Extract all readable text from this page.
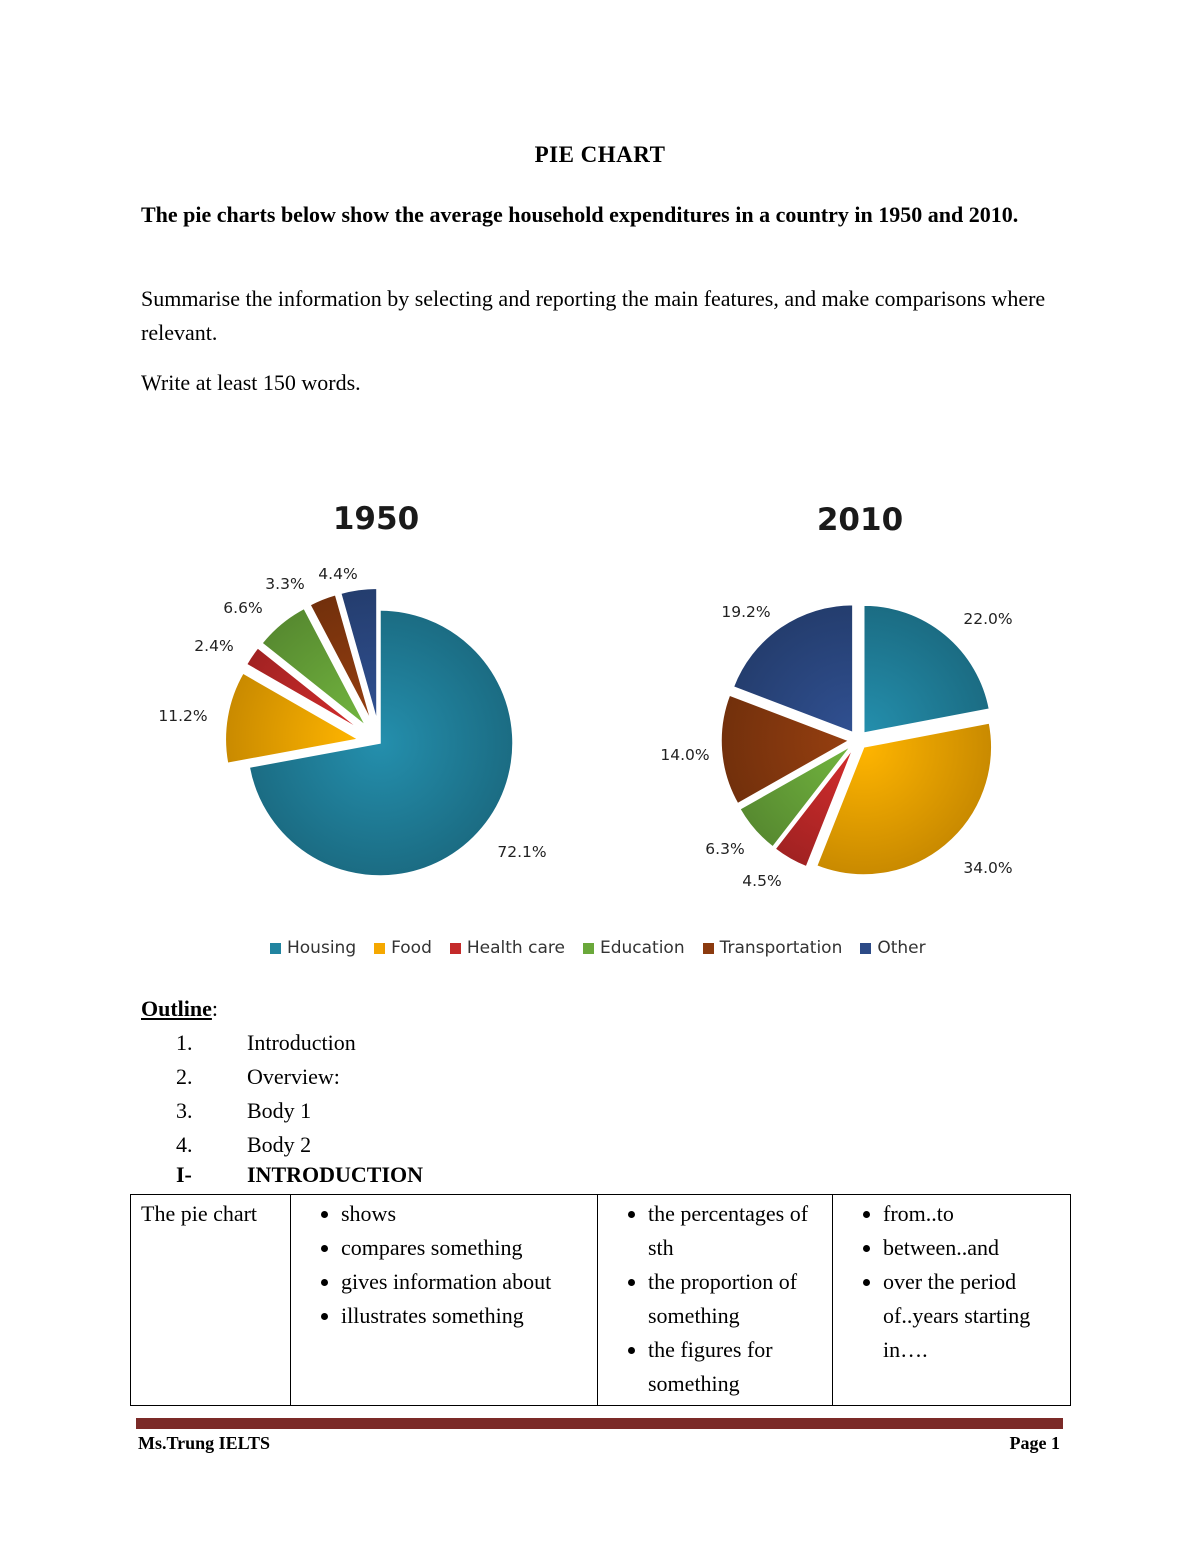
PIE CHART
The pie charts below show the average household expenditures in a country in 1950 and 2010.
Summarise the information by selecting and reporting the main features, and make comparisons where relevant.
Write at least 150 words.
1950	2010
72.1%
11.2%
2.4%
6.6%
3.3%
4.4%
22.0%
34.0%
4.5%
6.3%
14.0%
19.2%
Housing Food Health care Education Transportation Other
Outline:
1.	Introduction
2.	Overview:
3.	Body 1
4.	Body 2
I-	INTRODUCTION
The pie chart	
•shows
• compares something
• gives information about
• illustrates something

• the percentages of sth
• the proportion of something
• the figures for something

• from..to
• between..and
• over the period of..years starting in….
Ms.Trung IELTS	Page 1
